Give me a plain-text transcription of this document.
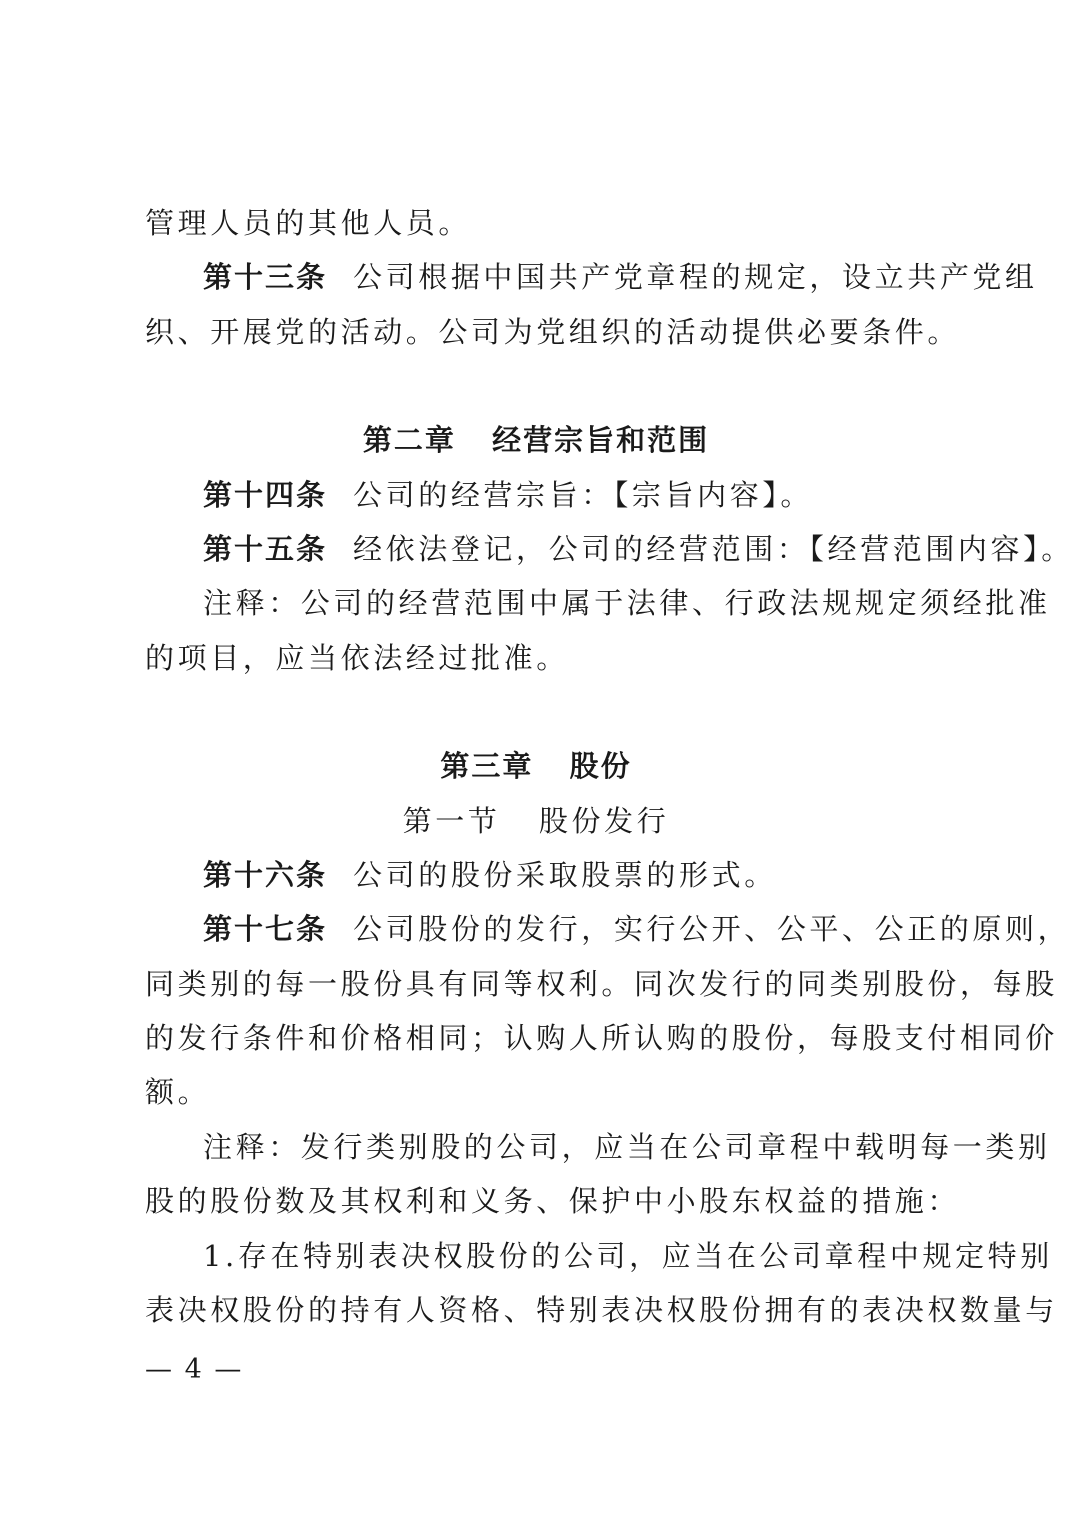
管理人员的其他人员。
第十三条 公司根据中国共产党章程的规定，设立共产党组
织、开展党的活动。公司为党组织的活动提供必要条件。
第二章   经营宗旨和范围
第十四条 公司的经营宗旨：【宗旨内容】。
第十五条 经依法登记，公司的经营范围：【经营范围内容】。
注释：公司的经营范围中属于法律、行政法规规定须经批准
的项目，应当依法经过批准。
第三章   股份
第一节   股份发行
第十六条 公司的股份采取股票的形式。
第十七条 公司股份的发行，实行公开、公平、公正的原则，
同类别的每一股份具有同等权利。同次发行的同类别股份，每股
的发行条件和价格相同；认购人所认购的股份，每股支付相同价
额。
注释：发行类别股的公司，应当在公司章程中载明每一类别
股的股份数及其权利和义务、保护中小股东权益的措施：
1.存在特别表决权股份的公司，应当在公司章程中规定特别
表决权股份的持有人资格、特别表决权股份拥有的表决权数量与
— 4 —
